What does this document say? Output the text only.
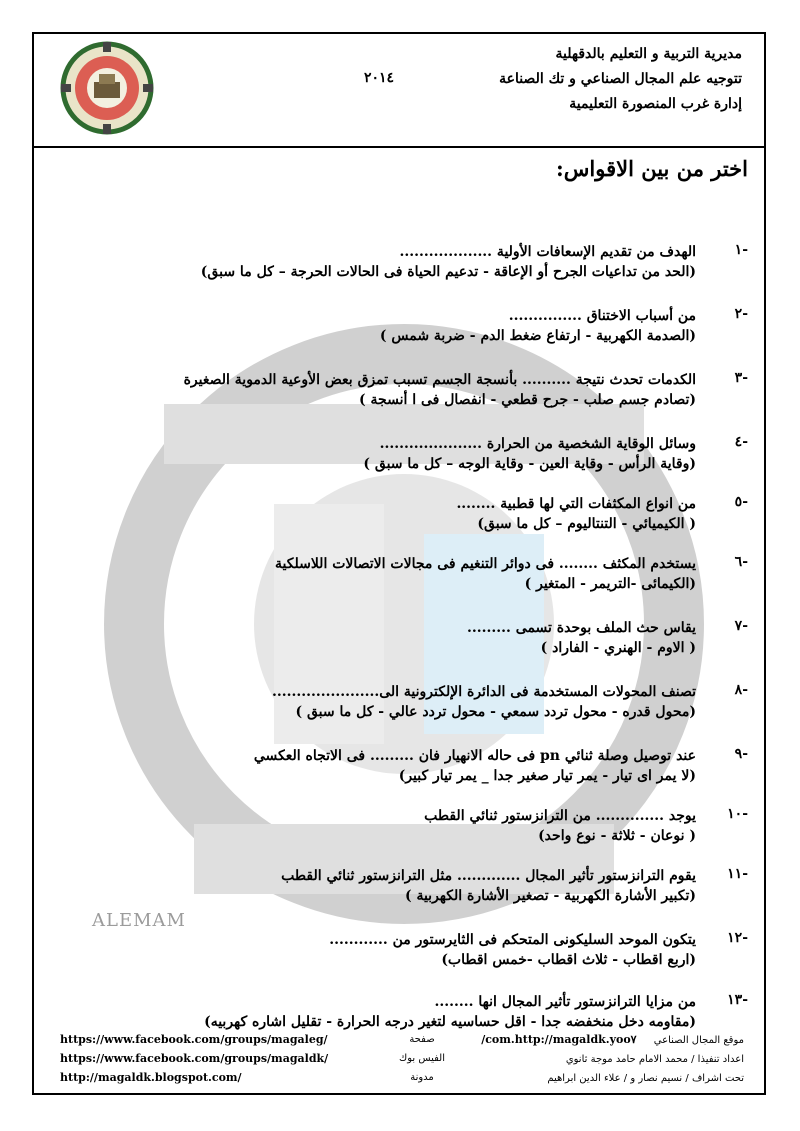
مديرية التربية و التعليم بالدقهلية
تتوجيه علم المجال الصناعي و تك الصناعة
إدارة غرب المنصورة التعليمية
٢٠١٤
اختر من بين الاقواس:
-١
الهدف من تقديم الإسعافات الأولية ...................
(الحد من تداعيات الجرح أو الإعاقة - تدعيم الحياة فى الحالات الحرجة – كل ما سبق)
-٢
من أسباب الاختناق ...............
(الصدمة الكهربية - ارتفاع ضغط الدم - ضربة شمس )
-٣
الكدمات تحدث نتيجة .......... بأنسجة الجسم تسبب تمزق بعض الأوعية الدموية الصغيرة
(تصادم جسم صلب - جرح قطعي - انفصال فى ا أنسجة )
-٤
وسائل الوقاية الشخصية من الحرارة .....................
(وقاية الرأس - وقاية العين - وقاية الوجه – كل ما سبق )
-٥
من انواع المكثفات التي لها قطبية ........
( الكيميائي - التنتاليوم – كل ما سبق)
-٦
يستخدم المكثف ........ فى دوائر التنغيم فى مجالات الاتصالات اللاسلكية
(الكيمائى -التريمر - المتغير )
-٧
يقاس حث الملف بوحدة تسمى .........
( الاوم - الهنري - الفاراد )
-٨
تصنف المحولات المستخدمة فى الدائرة الإلكترونية الى......................
(محول قدره - محول تردد سمعي - محول تردد عالي - كل ما سبق )
-٩
عند توصيل وصلة ثنائي pn فى حاله الانهيار فان ......... فى الاتجاه العكسي
(لا يمر اى تيار - يمر تيار صغير جدا _ يمر تيار كبير)
-١٠
يوجد .............. من الترانزستور ثنائي القطب
( نوعان - ثلاثة - نوع واحد)
-١١
يقوم الترانزستور تأثير المجال ............. مثل الترانزستور ثنائي القطب
(تكبير الأشارة الكهربية - تصغير الأشارة الكهربية )
-١٢
يتكون الموحد السليكونى المتحكم فى الثايرستور من ............
(اربع اقطاب - ثلاث اقطاب -خمس اقطاب)
-١٣
من مزايا الترانزستور تأثير المجال انها ........
(مقاومه دخل منخفضه جدا - اقل حساسيه لتغير درجه الحرارة - تقليل اشاره كهربيه)
ALEMAM
https://www.facebook.com/groups/magaleg/
https://www.facebook.com/groups/magaldk/
http://magaldk.blogspot.com/
صفحة
الفيس بوك
مدونة
موقع المجال الصناعي http://magaldk.yoo٧.com/
اعداد تنفيذا / محمد الامام حامد موجة ثانوي
تحت اشراف / نسيم نصار و / علاء الدين ابراهيم
